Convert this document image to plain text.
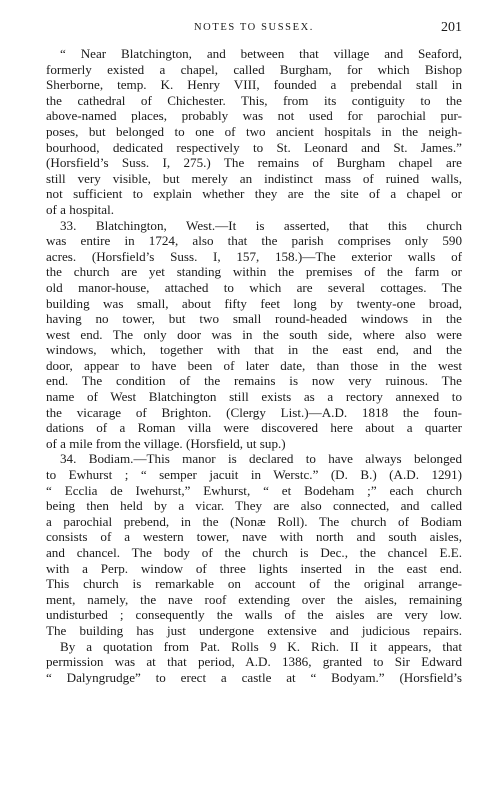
NOTES TO SUSSEX.	201
“ Near Blatchington, and between that village and Seaford,
formerly existed a chapel, called Burgham, for which Bishop
Sherborne, temp. K. Henry VIII, founded a prebendal stall in
the cathedral of Chichester. This, from its contiguity to the
above-named places, probably was not used for parochial pur-
poses, but belonged to one of two ancient hospitals in the neigh-
bourhood, dedicated respectively to St. Leonard and St. James.”
(Horsfield’s Suss. I, 275.) The remains of Burgham chapel are
still very visible, but merely an indistinct mass of ruined walls,
not sufficient to explain whether they are the site of a chapel or
of a hospital.
33. Blatchington, West.—It is asserted, that this church
was entire in 1724, also that the parish comprises only 590
acres. (Horsfield’s Suss. I, 157, 158.)—The exterior walls of
the church are yet standing within the premises of the farm or
old manor-house, attached to which are several cottages. The
building was small, about fifty feet long by twenty-one broad,
having no tower, but two small round-headed windows in the
west end. The only door was in the south side, where also were
windows, which, together with that in the east end, and the
door, appear to have been of later date, than those in the west
end. The condition of the remains is now very ruinous. The
name of West Blatchington still exists as a rectory annexed to
the vicarage of Brighton. (Clergy List.)—A.D. 1818 the foun-
dations of a Roman villa were discovered here about a quarter
of a mile from the village. (Horsfield, ut sup.)
34. Bodiam.—This manor is declared to have always belonged
to Ewhurst ; “ semper jacuit in Werstc.” (D. B.) (A.D. 1291)
“ Ecclia de Iwehurst,” Ewhurst, “ et Bodeham ;” each church
being then held by a vicar. They are also connected, and called
a parochial prebend, in the (Nonæ Roll). The church of Bodiam
consists of a western tower, nave with north and south aisles,
and chancel. The body of the church is Dec., the chancel E.E.
with a Perp. window of three lights inserted in the east end.
This church is remarkable on account of the original arrange-
ment, namely, the nave roof extending over the aisles, remaining
undisturbed ; consequently the walls of the aisles are very low.
The building has just undergone extensive and judicious repairs.
By a quotation from Pat. Rolls 9 K. Rich. II it appears, that
permission was at that period, A.D. 1386, granted to Sir Edward
“ Dalyngrudge” to erect a castle at “ Bodyam.” (Horsfield’s
